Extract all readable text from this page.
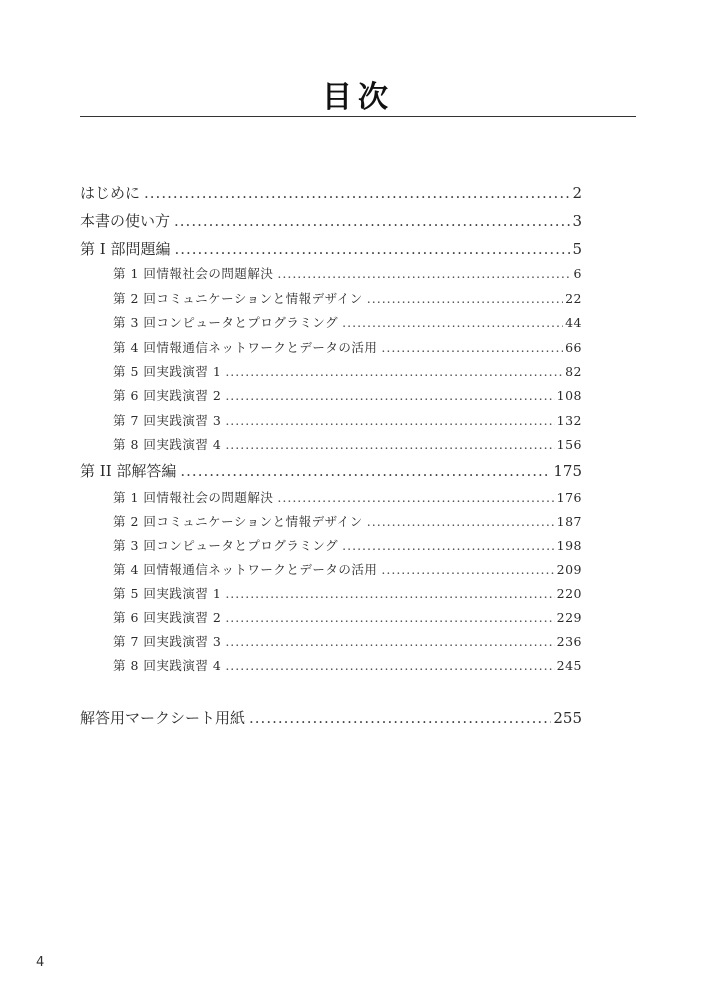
目次
はじめに .....	2
本書の使い方 .....	3
第 I 部問題編 .....	5
第 1 回情報社会の問題解決 .....	6
第 2 回コミュニケーションと情報デザイン .....	22
第 3 回コンピュータとプログラミング .....	44
第 4 回情報通信ネットワークとデータの活用 .....	66
第 5 回実践演習 1 .....	82
第 6 回実践演習 2 .....	108
第 7 回実践演習 3 .....	132
第 8 回実践演習 4 .....	156
第 II 部解答編 .....	175
第 1 回情報社会の問題解決 .....	176
第 2 回コミュニケーションと情報デザイン .....	187
第 3 回コンピュータとプログラミング .....	198
第 4 回情報通信ネットワークとデータの活用 .....	209
第 5 回実践演習 1 .....	220
第 6 回実践演習 2 .....	229
第 7 回実践演習 3 .....	236
第 8 回実践演習 4 .....	245
解答用マークシート用紙 .....	255
4
